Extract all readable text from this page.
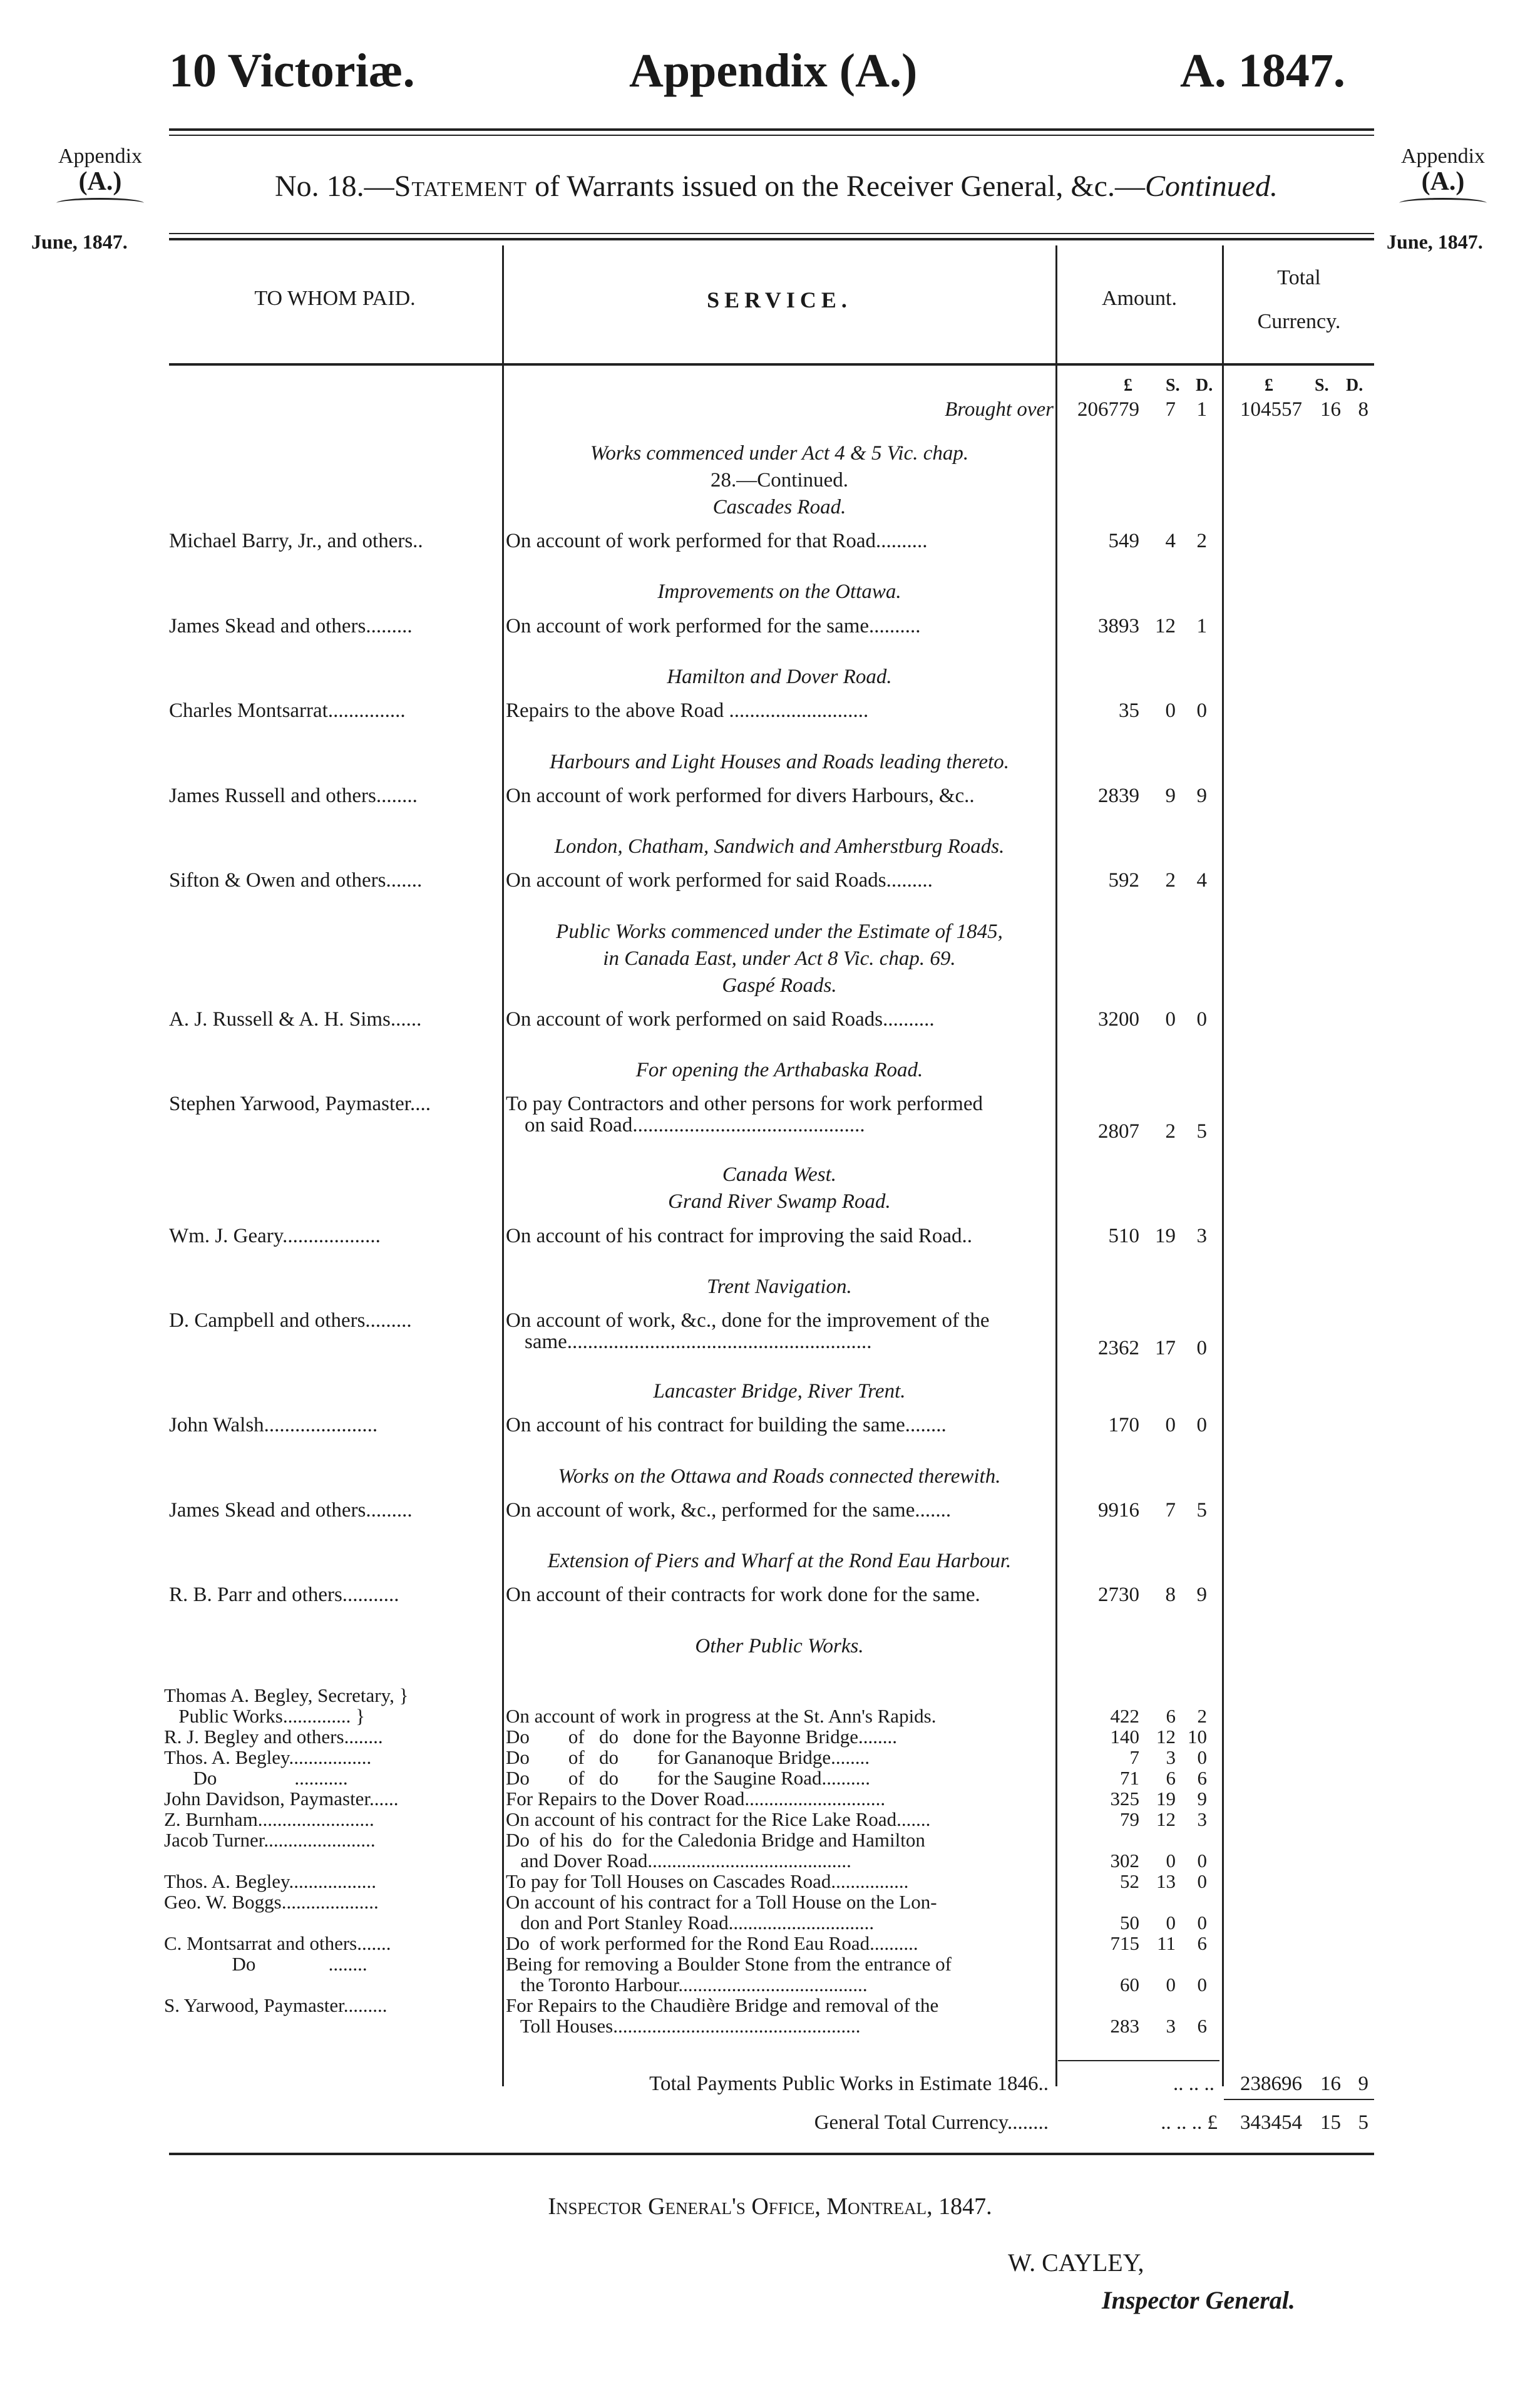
10 Victoriæ.	Appendix (A.)	A. 1847.
Appendix
(A.)
June, 1847.
Appendix
(A.)
June, 1847.
No. 18.—Statement of Warrants issued on the Receiver General, &c.—Continued.
TO WHOM PAID.	SERVICE.	Amount.
Total
Currency.
£ S. D.	£ S. D.
Brought over	206779	7	1	104557 16 8
Works commenced under Act 4 & 5 Vic. chap.
28.—Continued.
Cascades Road.
Michael Barry, Jr., and others..	On account of work performed for that Road..........	549	4	2
Improvements on the Ottawa.
James Skead and others.........	On account of work performed for the same..........	3893 12	1
Hamilton and Dover Road.
Charles Montsarrat...............	Repairs to the above Road ...........................	35	0	0
Harbours and Light Houses and Roads leading thereto.
James Russell and others........	On account of work performed for divers Harbours, &c..	2839	9	9
London, Chatham, Sandwich and Amherstburg Roads.
Sifton & Owen and others.......	On account of work performed for said Roads.........	592	2	4
Public Works commenced under the Estimate of 1845,
in Canada East, under Act 8 Vic. chap. 69.
Gaspé Roads.
A. J. Russell & A. H. Sims......	On account of work performed on said Roads..........	3200	0	0
For opening the Arthabaska Road.
Stephen Yarwood, Paymaster....	To pay Contractors and other persons for work performed
on said Road.............................................	2807	2	5
Canada West.
Grand River Swamp Road.
Wm. J. Geary...................	On account of his contract for improving the said Road..	510 19	3
Trent Navigation.
D. Campbell and others.........	On account of work, &c., done for the improvement of the
same...........................................................	2362 17	0
Lancaster Bridge, River Trent.
John Walsh......................	On account of his contract for building the same........	170	0	0
Works on the Ottawa and Roads connected therewith.
James Skead and others.........	On account of work, &c., performed for the same.......	9916	7	5
Extension of Piers and Wharf at the Rond Eau Harbour.
R. B. Parr and others...........	On account of their contracts for work done for the same.	2730	8	9
Other Public Works.
Thomas A. Begley, Secretary, }
Public Works.............. }	On account of work in progress at the St. Ann's Rapids.	422	6	2
R. J. Begley and others........	Do        of   do   done for the Bayonne Bridge........	140 12 10
Thos. A. Begley.................	Do        of   do        for Gananoque Bridge........	7	3	0
Do                ...........	Do        of   do        for the Saugine Road..........	71	6	6
John Davidson, Paymaster......	For Repairs to the Dover Road.............................	325 19	9
Z. Burnham........................	On account of his contract for the Rice Lake Road.......	79 12	3
Jacob Turner.......................	Do  of his  do  for the Caledonia Bridge and Hamilton
and Dover Road..........................................	302	0	0
Thos. A. Begley..................	To pay for Toll Houses on Cascades Road................	52 13	0
Geo. W. Boggs....................	On account of his contract for a Toll House on the Lon-
don and Port Stanley Road..............................	50	0	0
C. Montsarrat and others.......	Do  of work performed for the Rond Eau Road..........	715 11	6
Do               ........	Being for removing a Boulder Stone from the entrance of
the Toronto Harbour.......................................	60	0	0
S. Yarwood, Paymaster.........	For Repairs to the Chaudière Bridge and removal of the
Toll Houses...................................................	283	3	6
Total Payments Public Works in Estimate 1846..	.. .. ..	238696 16 9
General Total Currency........	.. .. .. £	343454 15 5
Inspector General's Office, Montreal, 1847.
W. CAYLEY,
Inspector General.
